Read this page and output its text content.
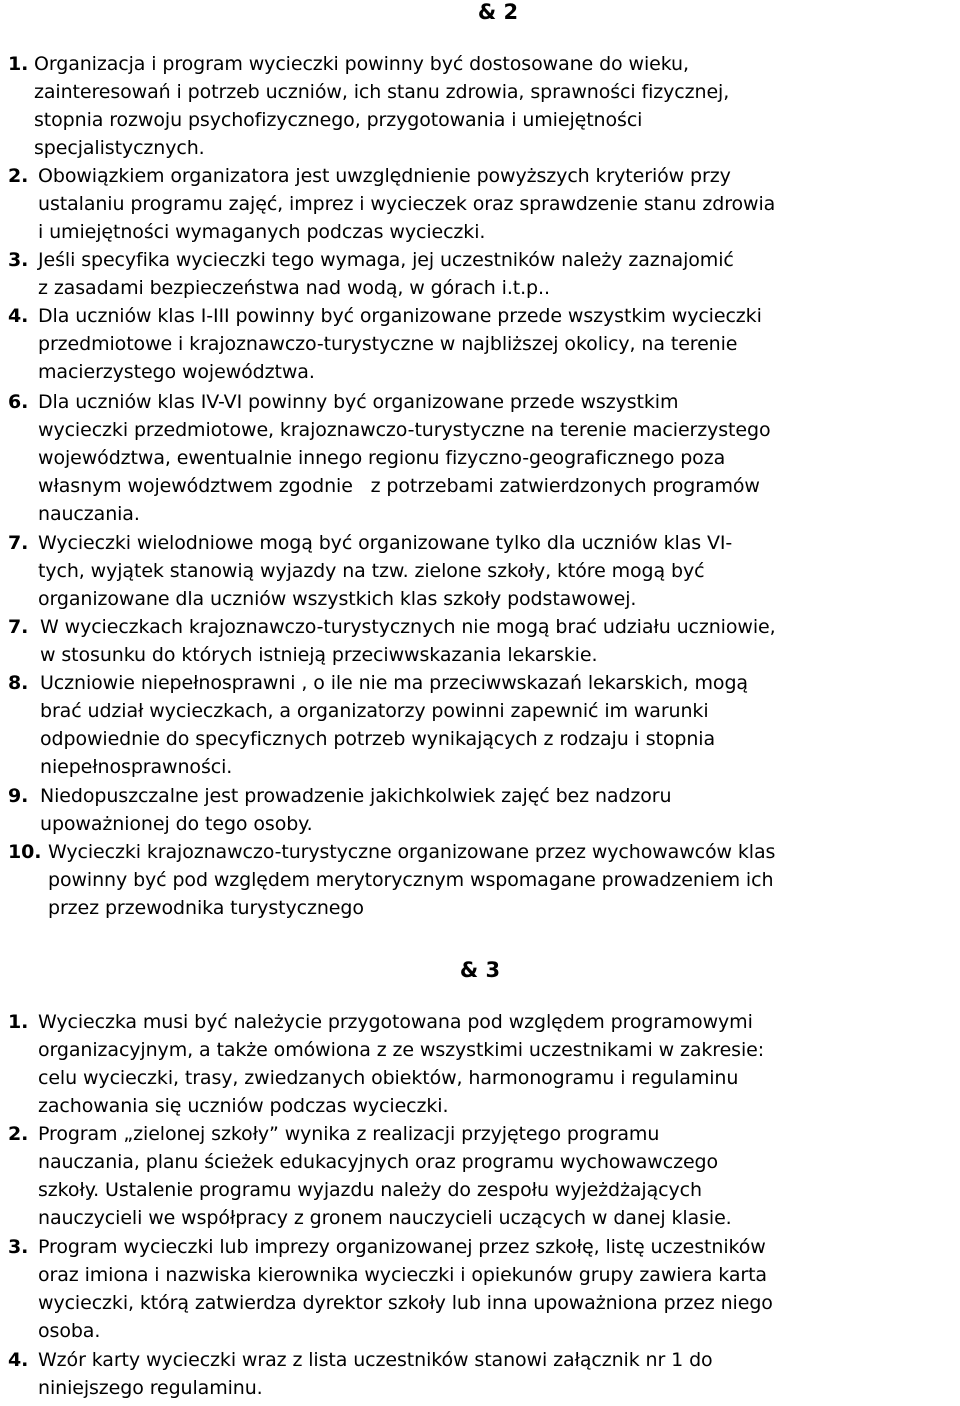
& 2
& 3
1. Organizacja i program wycieczki powinny być dostosowane do wieku,
zainteresowań i potrzeb uczniów, ich stanu zdrowia, sprawności fizycznej,
stopnia rozwoju psychofizycznego, przygotowania i umiejętności
specjalistycznych.
2. Obowiązkiem organizatora jest uwzględnienie powyższych kryteriów przy
ustalaniu programu zajęć, imprez i wycieczek oraz sprawdzenie stanu zdrowia
i umiejętności wymaganych podczas wycieczki.
3. Jeśli specyfika wycieczki tego wymaga, jej uczestników należy zaznajomić
z zasadami bezpieczeństwa nad wodą, w górach i.t.p..
4. Dla uczniów klas I-III powinny być organizowane przede wszystkim wycieczki
przedmiotowe i krajoznawczo-turystyczne w najbliższej okolicy, na terenie
macierzystego województwa.
6. Dla uczniów klas IV-VI powinny być organizowane przede wszystkim
wycieczki przedmiotowe, krajoznawczo-turystyczne na terenie macierzystego
województwa, ewentualnie innego regionu fizyczno-geograficznego poza
własnym województwem zgodnie   z potrzebami zatwierdzonych programów
nauczania.
7. Wycieczki wielodniowe mogą być organizowane tylko dla uczniów klas VI-
tych, wyjątek stanowią wyjazdy na tzw. zielone szkoły, które mogą być
organizowane dla uczniów wszystkich klas szkoły podstawowej.
7. W wycieczkach krajoznawczo-turystycznych nie mogą brać udziału uczniowie,
w stosunku do których istnieją przeciwwskazania lekarskie.
8. Uczniowie niepełnosprawni , o ile nie ma przeciwwskazań lekarskich, mogą
brać udział wycieczkach, a organizatorzy powinni zapewnić im warunki
odpowiednie do specyficznych potrzeb wynikających z rodzaju i stopnia
niepełnosprawności.
9. Niedopuszczalne jest prowadzenie jakichkolwiek zajęć bez nadzoru
upoważnionej do tego osoby.
10. Wycieczki krajoznawczo-turystyczne organizowane przez wychowawców klas
powinny być pod względem merytorycznym wspomagane prowadzeniem ich
przez przewodnika turystycznego
1. Wycieczka musi być należycie przygotowana pod względem programowymi
organizacyjnym, a także omówiona z ze wszystkimi uczestnikami w zakresie:
celu wycieczki, trasy, zwiedzanych obiektów, harmonogramu i regulaminu
zachowania się uczniów podczas wycieczki.
2. Program „zielonej szkoły” wynika z realizacji przyjętego programu
nauczania, planu ścieżek edukacyjnych oraz programu wychowawczego
szkoły. Ustalenie programu wyjazdu należy do zespołu wyjeżdżających
nauczycieli we współpracy z gronem nauczycieli uczących w danej klasie.
3. Program wycieczki lub imprezy organizowanej przez szkołę, listę uczestników
oraz imiona i nazwiska kierownika wycieczki i opiekunów grupy zawiera karta
wycieczki, którą zatwierdza dyrektor szkoły lub inna upoważniona przez niego
osoba.
4. Wzór karty wycieczki wraz z lista uczestników stanowi załącznik nr 1 do
niniejszego regulaminu.
